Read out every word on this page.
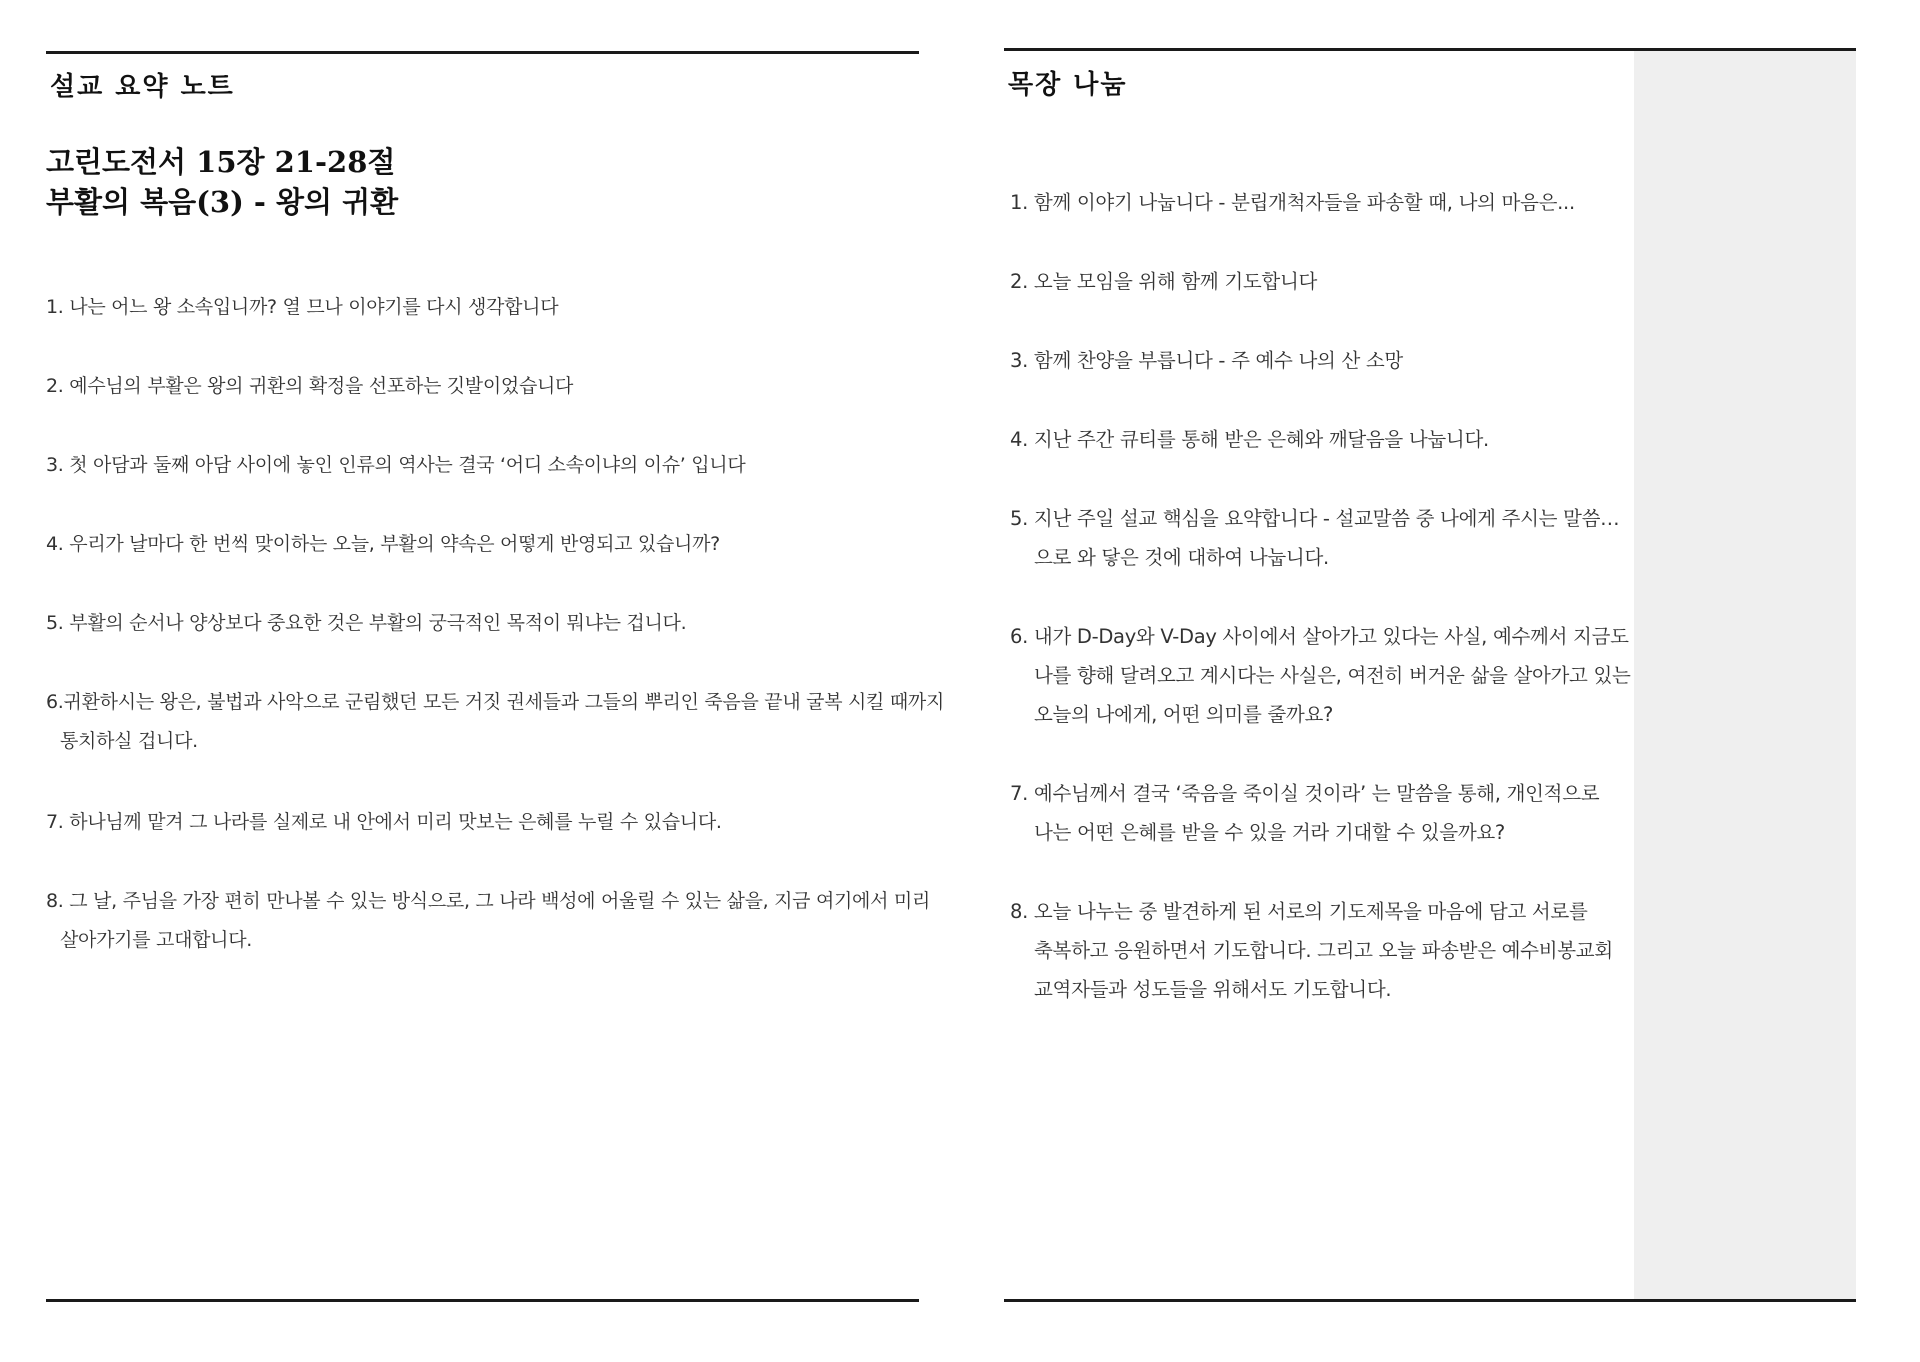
설교 요약 노트
고린도전서 15장 21-28절
부활의 복음(3) - 왕의 귀환
1. 나는 어느 왕 소속입니까? 열 므나 이야기를 다시 생각합니다
2. 예수님의 부활은 왕의 귀환의 확정을 선포하는 깃발이었습니다
3. 첫 아담과 둘째 아담 사이에 놓인 인류의 역사는 결국 ‘어디 소속이냐의 이슈’ 입니다
4. 우리가 날마다 한 번씩 맞이하는 오늘, 부활의 약속은 어떻게 반영되고 있습니까?
5. 부활의 순서나 양상보다 중요한 것은 부활의 궁극적인 목적이 뭐냐는 겁니다.
6.귀환하시는 왕은, 불법과 사악으로 군림했던 모든 거짓 권세들과 그들의 뿌리인 죽음을 끝내 굴복 시킬 때까지
통치하실 겁니다.
7. 하나님께 맡겨 그 나라를 실제로 내 안에서 미리 맛보는 은혜를 누릴 수 있습니다.
8. 그 날, 주님을 가장 편히 만나볼 수 있는 방식으로, 그 나라 백성에 어울릴 수 있는 삶을, 지금 여기에서 미리
살아가기를 고대합니다.
목장 나눔
1. 함께 이야기 나눕니다 - 분립개척자들을 파송할 때, 나의 마음은...
2. 오늘 모임을 위해 함께 기도합니다
3. 함께 찬양을 부릅니다 - 주 예수 나의 산 소망
4. 지난 주간 큐티를 통해 받은 은혜와 깨달음을 나눕니다.
5. 지난 주일 설교 핵심을 요약합니다 - 설교말씀 중 나에게 주시는 말씀…
으로 와 닿은 것에 대하여 나눕니다.
6. 내가 D-Day와 V-Day 사이에서 살아가고 있다는 사실, 예수께서 지금도
나를 향해 달려오고 계시다는 사실은, 여전히 버거운 삶을 살아가고 있는
오늘의 나에게, 어떤 의미를 줄까요?
7. 예수님께서 결국 ‘죽음을 죽이실 것이라’ 는 말씀을 통해, 개인적으로
나는 어떤 은혜를 받을 수 있을 거라 기대할 수 있을까요?
8. 오늘 나누는 중 발견하게 된 서로의 기도제목을 마음에 담고 서로를
축복하고 응원하면서 기도합니다. 그리고 오늘 파송받은 예수비봉교회
교역자들과 성도들을 위해서도 기도합니다.
